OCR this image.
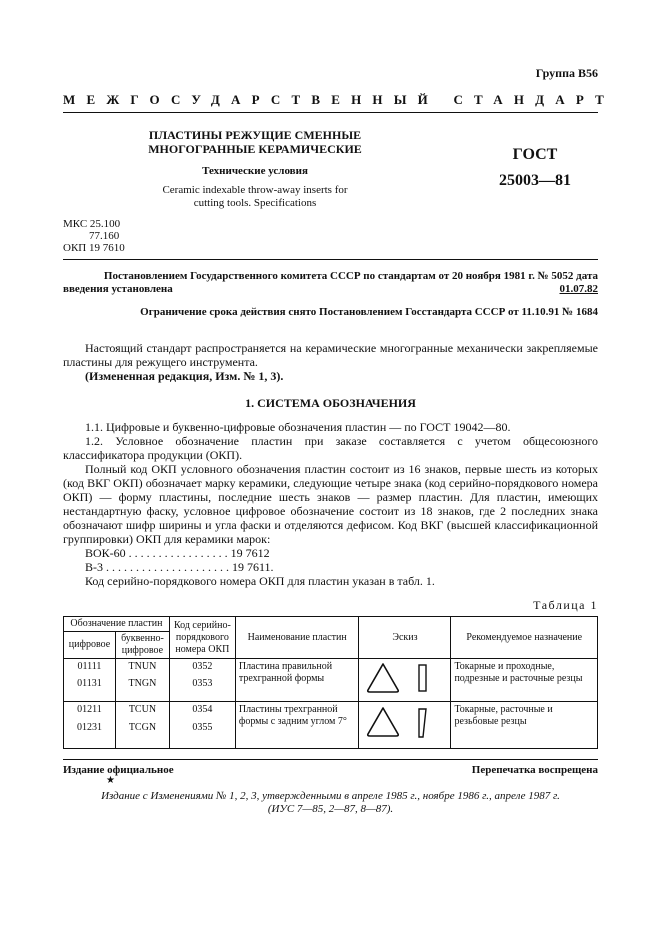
Группа В56
МЕЖГОСУДАРСТВЕННЫЙ СТАНДАРТ
ПЛАСТИНЫ РЕЖУЩИЕ СМЕННЫЕ
МНОГОГРАННЫЕ КЕРАМИЧЕСКИЕ
Технические условия
Ceramic indexable throw-away inserts for
cutting tools. Specifications
ГОСТ
25003—81
МКС 25.100
77.160
ОКП 19 7610
Постановлением Государственного комитета СССР по стандартам от 20 ноября 1981 г. № 5052 дата
введения установлена	01.07.82
Ограничение срока действия снято Постановлением Госстандарта СССР от 11.10.91 № 1684

Настоящий стандарт распространяется на керамические многогранные механически закрепляемые пластины для режущего инструмента.

(Измененная редакция, Изм. № 1, 3).

1. СИСТЕМА ОБОЗНАЧЕНИЯ

1.1. Цифровые и буквенно-цифровые обозначения пластин — по ГОСТ 19042—80.

1.2. Условное обозначение пластин при заказе составляется с учетом общесоюзного классификатора продукции (ОКП).

Полный код ОКП условного обозначения пластин состоит из 16 знаков, первые шесть из которых (код ВКГ ОКП) обозначает марку керамики, следующие четыре знака (код серийно-порядкового номера ОКП) — форму пластины, последние шесть знаков — размер пластин. Для пластин, имеющих нестандартную фаску, условное цифровое обозначение состоит из 18 знаков, где 2 последних знака обозначают шифр ширины и угла фаски и отделяются дефисом. Код ВКГ (высшей классификационной группировки) ОКП для керамики марок:

ВОК-60 . . . . . . . . . . . . . . . . . 19 7612

В-3 . . . . . . . . . . . . . . . . . . . . . 19 7611.

Код серийно-порядкового номера ОКП для пластин указан в табл. 1.

Таблица 1
Обозначение пластин		Код серийно-порядкового номера ОКП	Наименование пластин	Эскиз	Рекомендуемое назначение
цифровое	буквенно-цифровое				
01111	TNUN	0352	Пластина правильной трехгранной формы		Токарные и проходные, подрезные и расточные резцы
01131	TNGN	0353			
01211	TCUN	0354	Пластины трехгранной формы с задним углом 7°		Токарные, расточные и резьбовые резцы
01231	TCGN	0355			
Издание официальное	Перепечатка воспрещена
★
Издание с Изменениями № 1, 2, 3, утвержденными в апреле 1985 г., ноябре 1986 г., апреле 1987 г.
(ИУС 7—85, 2—87, 8—87).
